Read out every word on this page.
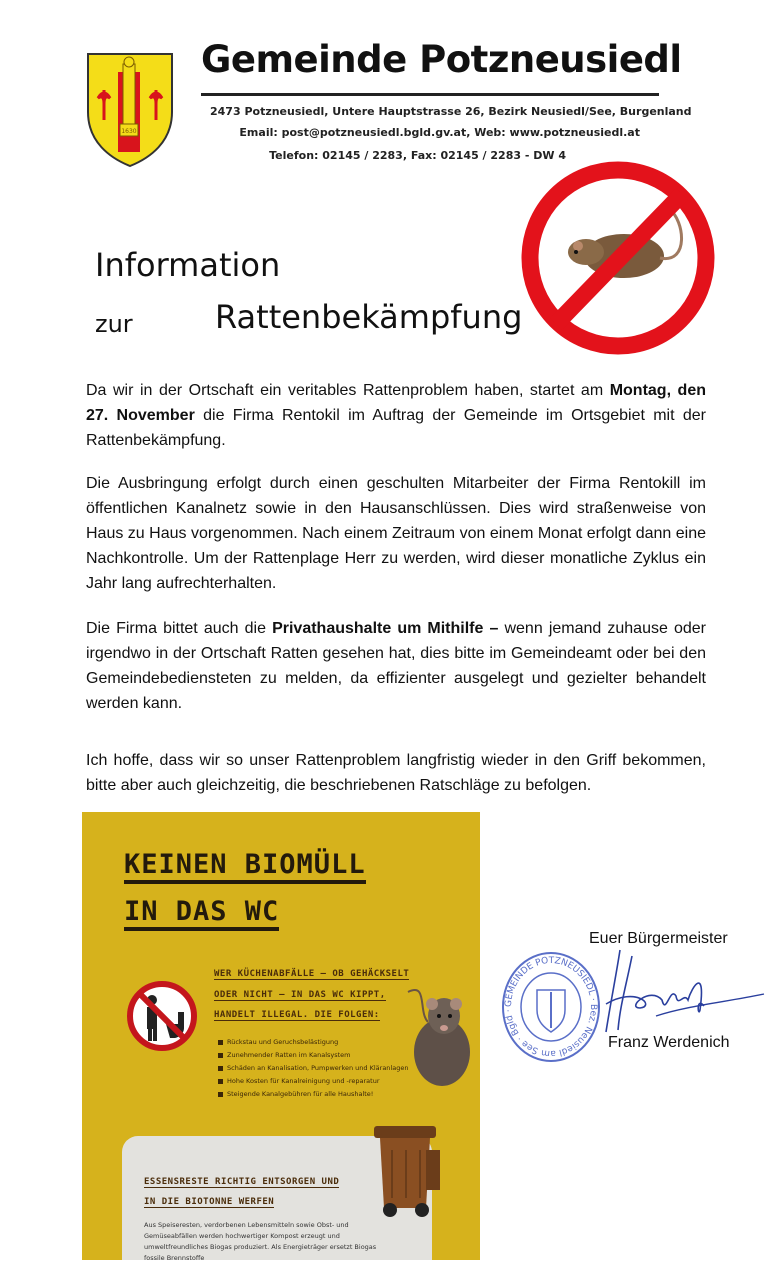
1630
Gemeinde Potzneusiedl
2473 Potzneusiedl, Untere Hauptstrasse 26, Bezirk Neusiedl/See, Burgenland
Email: post@potzneusiedl.bgld.gv.at, Web: www.potzneusiedl.at
Telefon: 02145 / 2283, Fax: 02145 / 2283 - DW 4
Information
zur	Rattenbekämpfung

Da wir in der Ortschaft ein veritables Rattenproblem haben, startet am Montag, den 27. November die Firma Rentokil im Auftrag der Gemeinde im Ortsgebiet mit der Rattenbekämpfung.

Die Ausbringung erfolgt durch einen geschulten Mitarbeiter der Firma Rentokill im öffentlichen Kanalnetz sowie in den Hausanschlüssen. Dies wird straßenweise von Haus zu Haus vorgenommen. Nach einem Zeitraum von einem Monat erfolgt dann eine Nachkontrolle. Um der Rattenplage Herr zu werden, wird dieser monatliche Zyklus ein Jahr lang aufrechterhalten.

Die Firma bittet auch die Privathaushalte um Mithilfe – wenn jemand zuhause oder irgendwo in der Ortschaft Ratten gesehen hat, dies bitte im Gemeindeamt oder bei den Gemeindebediensteten zu melden, da effizienter ausgelegt und gezielter behandelt werden kann.

Ich hoffe, dass wir so unser Rattenproblem langfristig wieder in den Griff bekommen, bitte aber auch gleichzeitig, die beschriebenen Ratschläge zu befolgen.

KEINEN BIOMÜLL
IN DAS WC
WER KÜCHENABFÄLLE – OB GEHÄCKSELT
ODER NICHT – IN DAS WC KIPPT,
HANDELT ILLEGAL. DIE FOLGEN:
Rückstau und Geruchsbelästigung
Zunehmender Ratten im Kanalsystem
Schäden an Kanalisation, Pumpwerken und Kläranlagen
Hohe Kosten für Kanalreinigung und -reparatur
Steigende Kanalgebühren für alle Haushalte!
ESSENSRESTE RICHTIG ENTSORGEN UND
IN DIE BIOTONNE WERFEN
Aus Speiseresten, verdorbenen Lebensmitteln sowie Obst- und Gemüseabfällen werden hochwertiger Kompost erzeugt und umweltfreundliches Biogas produziert. Als Energieträger ersetzt Biogas fossile Brennstoffe
Euer Bürgermeister
GEMEINDE POTZNEUSIEDL · Bez. Neusiedl am See · Bgld ·
Franz Werdenich
